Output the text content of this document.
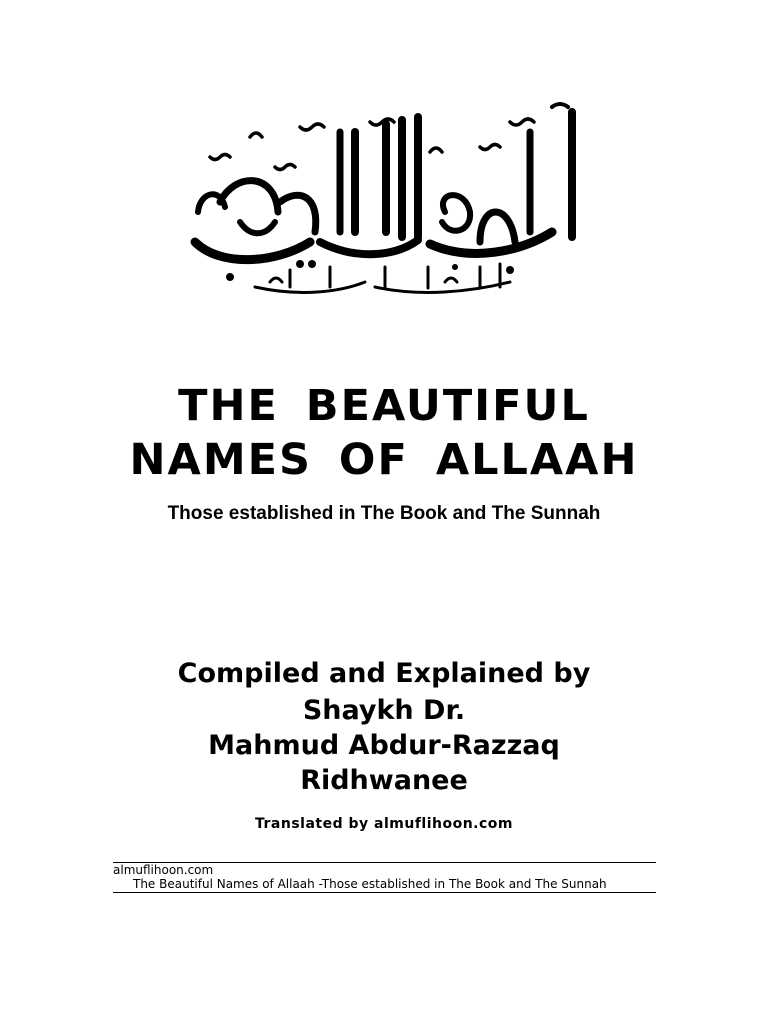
THE BEAUTIFUL
NAMES OF ALLAAH
Those established in The Book and The Sunnah
Compiled and Explained by
Shaykh Dr.
Mahmud Abdur-Razzaq
Ridhwanee
Translated by almuflihoon.com
almuflihoon.com
The Beautiful Names of Allaah -Those established in The Book and The Sunnah
